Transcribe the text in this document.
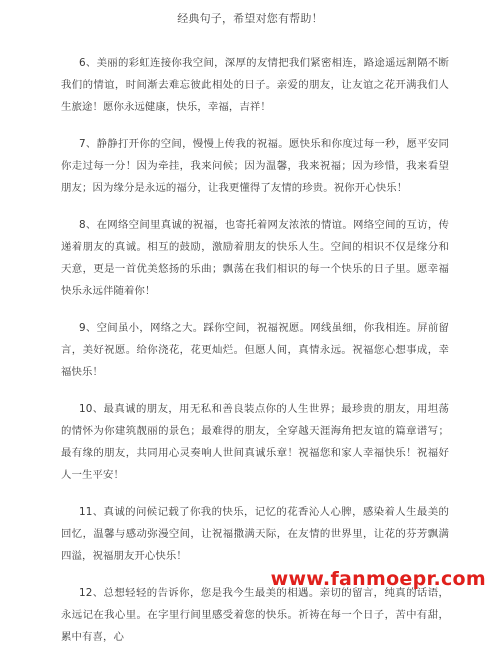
经典句子，希望对您有帮助！

6、美丽的彩虹连接你我空间，深厚的友情把我们紧密相连，路途遥远割隔不断我们的情谊，时间渐去难忘彼此相处的日子。亲爱的朋友，让友谊之花开满我们人生旅途！愿你永远健康，快乐，幸福，吉祥！

7、静静打开你的空间，慢慢上传我的祝福。愿快乐和你度过每一秒，愿平安同你走过每一分！因为牵挂，我来问候；因为温馨，我来祝福；因为珍惜，我来看望朋友；因为缘分是永远的福分，让我更懂得了友情的珍贵。祝你开心快乐！

8、在网络空间里真诚的祝福，也寄托着网友浓浓的情谊。网络空间的互访，传递着朋友的真诚。相互的鼓励，激励着朋友的快乐人生。空间的相识不仅是缘分和天意，更是一首优美悠扬的乐曲；飘荡在我们相识的每一个快乐的日子里。愿幸福快乐永远伴随着你！

9、空间虽小，网络之大。踩你空间，祝福祝愿。网线虽细，你我相连。屏前留言，美好祝愿。给你浇花，花更灿烂。但愿人间，真情永远。祝福您心想事成，幸福快乐！

10、最真诚的朋友，用无私和善良装点你的人生世界；最珍贵的朋友，用坦荡的情怀为你建筑靓丽的景色；最难得的朋友，全穿越天涯海角把友谊的篇章谱写；最有缘的朋友，共同用心灵奏响人世间真诚乐章！祝福您和家人幸福快乐！祝福好人一生平安！

11、真诚的问候记载了你我的快乐，记忆的花香沁人心脾，感染着人生最美的回忆，温馨与感动弥漫空间，让祝福撒满天际，在友情的世界里，让花的芬芳飘满四溢，祝福朋友开心快乐！

12、总想轻轻的告诉你，您是我今生最美的相遇。亲切的留言，纯真的话语，永远记在我心里。在字里行间里感受着您的快乐。祈祷在每一个日子，苦中有甜，累中有喜，心

www.fanmoepr.com
